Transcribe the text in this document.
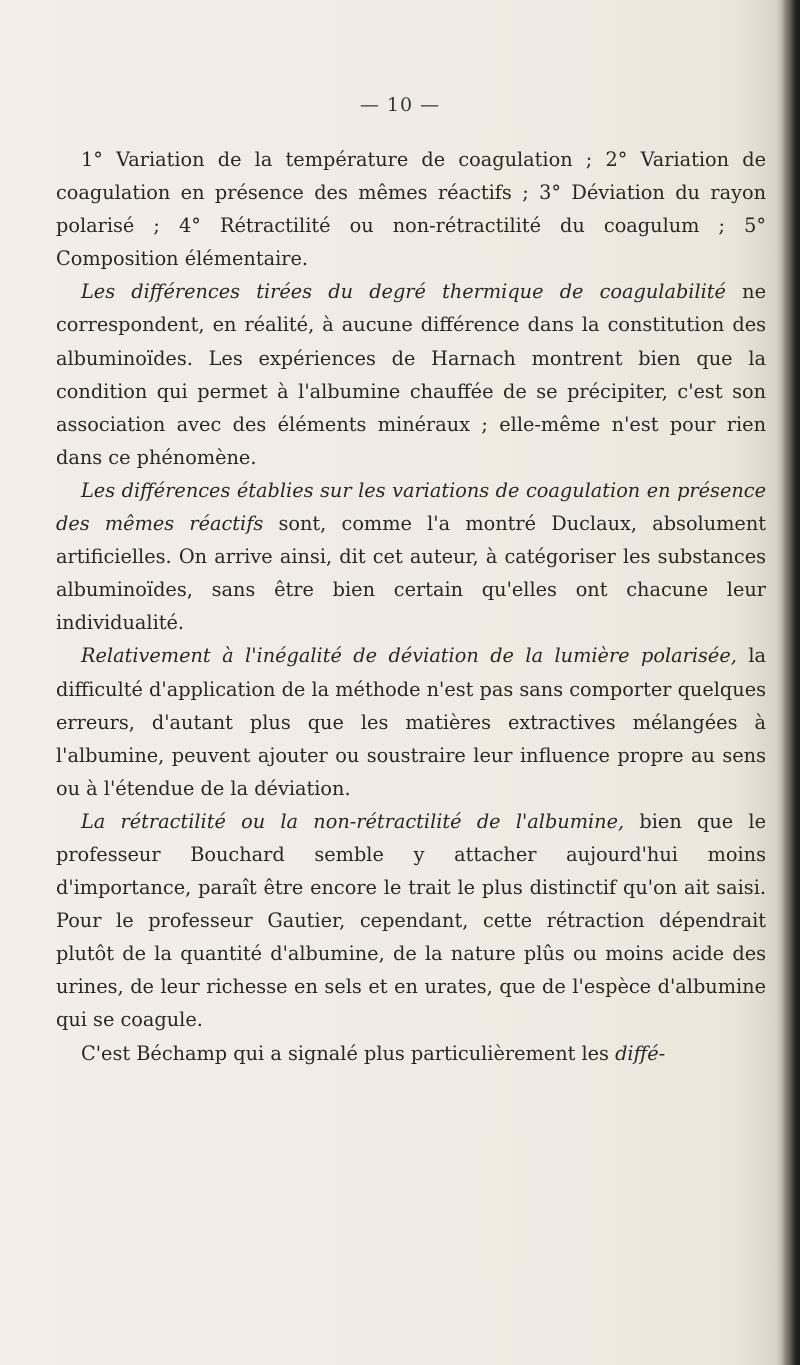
— 10 —

1° Variation de la température de coagulation ; 2° Variation de coagulation en présence des mêmes réactifs ; 3° Déviation du rayon polarisé ; 4° Rétractilité ou non-rétractilité du coagulum ; 5° Composition élémentaire.

Les différences tirées du degré thermique de coagulabilité ne correspondent, en réalité, à aucune différence dans la constitution des albuminoïdes. Les expériences de Harnach montrent bien que la condition qui permet à l'albumine chauffée de se précipiter, c'est son association avec des éléments minéraux ; elle-même n'est pour rien dans ce phénomène.

Les différences établies sur les variations de coagulation en présence des mêmes réactifs sont, comme l'a montré Duclaux, absolument artificielles. On arrive ainsi, dit cet auteur, à catégoriser les substances albuminoïdes, sans être bien certain qu'elles ont chacune leur individualité.

Relativement à l'inégalité de déviation de la lumière polarisée, la difficulté d'application de la méthode n'est pas sans comporter quelques erreurs, d'autant plus que les matières extractives mélangées à l'albumine, peuvent ajouter ou soustraire leur influence propre au sens ou à l'étendue de la déviation.

La rétractilité ou la non-rétractilité de l'albumine, bien que le professeur Bouchard semble y attacher aujourd'hui moins d'importance, paraît être encore le trait le plus distinctif qu'on ait saisi. Pour le professeur Gautier, cependant, cette rétraction dépendrait plutôt de la quantité d'albumine, de la nature plûs ou moins acide des urines, de leur richesse en sels et en urates, que de l'espèce d'albumine qui se coagule.

C'est Béchamp qui a signalé plus particulièrement les diffé-
